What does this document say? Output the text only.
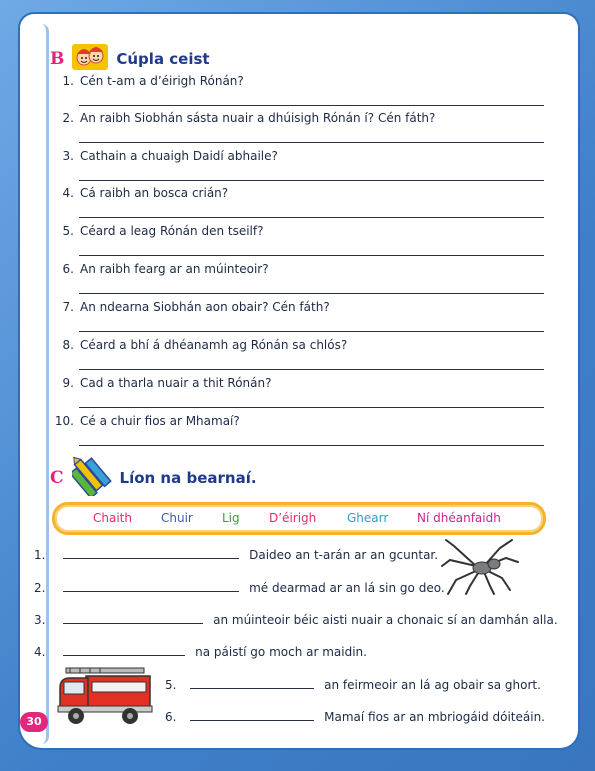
B	Cúpla ceist
1. Cén t-am a d’éirigh Rónán?
2. An raibh Siobhán sásta nuair a dhúisigh Rónán í? Cén fáth?
3. Cathain a chuaigh Daidí abhaile?
4. Cá raibh an bosca crián?
5. Céard a leag Rónán den tseilf?
6. An raibh fearg ar an múinteoir?
7. An ndearna Siobhán aon obair? Cén fáth?
8. Céard a bhí á dhéanamh ag Rónán sa chlós?
9. Cad a tharla nuair a thit Rónán?
10. Cé a chuir fios ar Mhamaí?
C	Líon na bearnaí.
Chaith Chuir Lig D’éirigh	Ghearr Ní dhéanfaidh
1.	Daideo an t-arán ar an gcuntar.
2.	mé dearmad ar an lá sin go deo.
3.	an múinteoir béic aisti nuair a chonaic sí an damhán alla.
4.	na páistí go moch ar maidin.
5.	an feirmeoir an lá ag obair sa ghort.
6.	Mamaí fios ar an mbriogáid dóiteáin.
30
